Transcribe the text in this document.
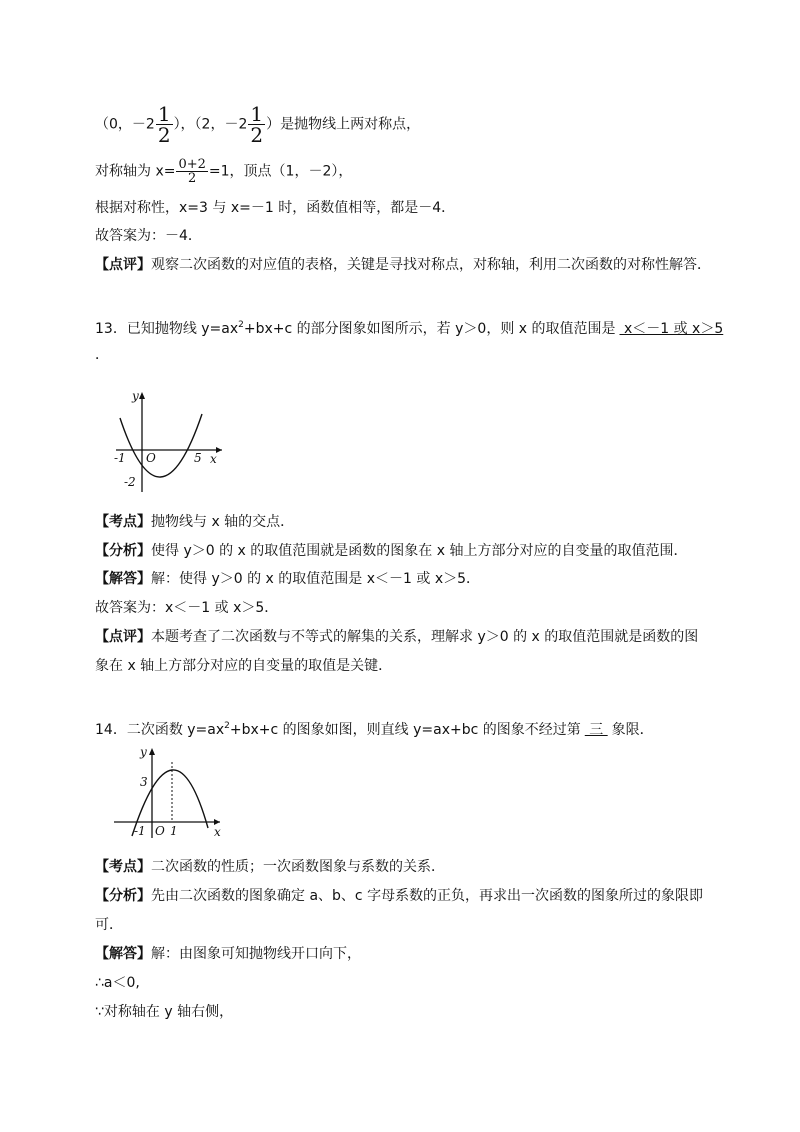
（0，$-2 \frac{1}{2}$ ），（2，$-2 \frac{1}{2}$ ）是抛物线上两对称点，
对称轴为 $x= \frac{0+2}{2} =1$，顶点（1，－2），
根据对称性，x=3 与 x=－1 时，函数值相等，都是－4．
故答案为：－4．
【点评】观察二次函数的对应值的表格，关键是寻找对称点，对称轴，利用二次函数的对称性解答．
13．已知抛物线 $y=ax^2+bx+c$ 的部分图象如图所示，若 y＞0，则 x 的取值范围是 x＜－1 或 x＞5
．
y
x
O
-1	5
-2
【考点】抛物线与 x 轴的交点．
【分析】使得 y＞0 的 x 的取值范围就是函数的图象在 x 轴上方部分对应的自变量的取值范围．
【解答】解：使得 y＞0 的 x 的取值范围是 x＜－1 或 x＞5．
故答案为：x＜－1 或 x＞5．
【点评】本题考查了二次函数与不等式的解集的关系，理解求 y＞0 的 x 的取值范围就是函数的图
象在 x 轴上方部分对应的自变量的取值是关键．
14．二次函数 $y=ax^2+bx+c$ 的图象如图，则直线 y=ax+bc 的图象不经过第 三 象限．
y
x
O
-1 1
3
【考点】二次函数的性质；一次函数图象与系数的关系．
【分析】先由二次函数的图象确定 a、b、c 字母系数的正负，再求出一次函数的图象所过的象限即
可．
【解答】解：由图象可知抛物线开口向下，
∴a＜0,
∵对称轴在 y 轴右侧，
